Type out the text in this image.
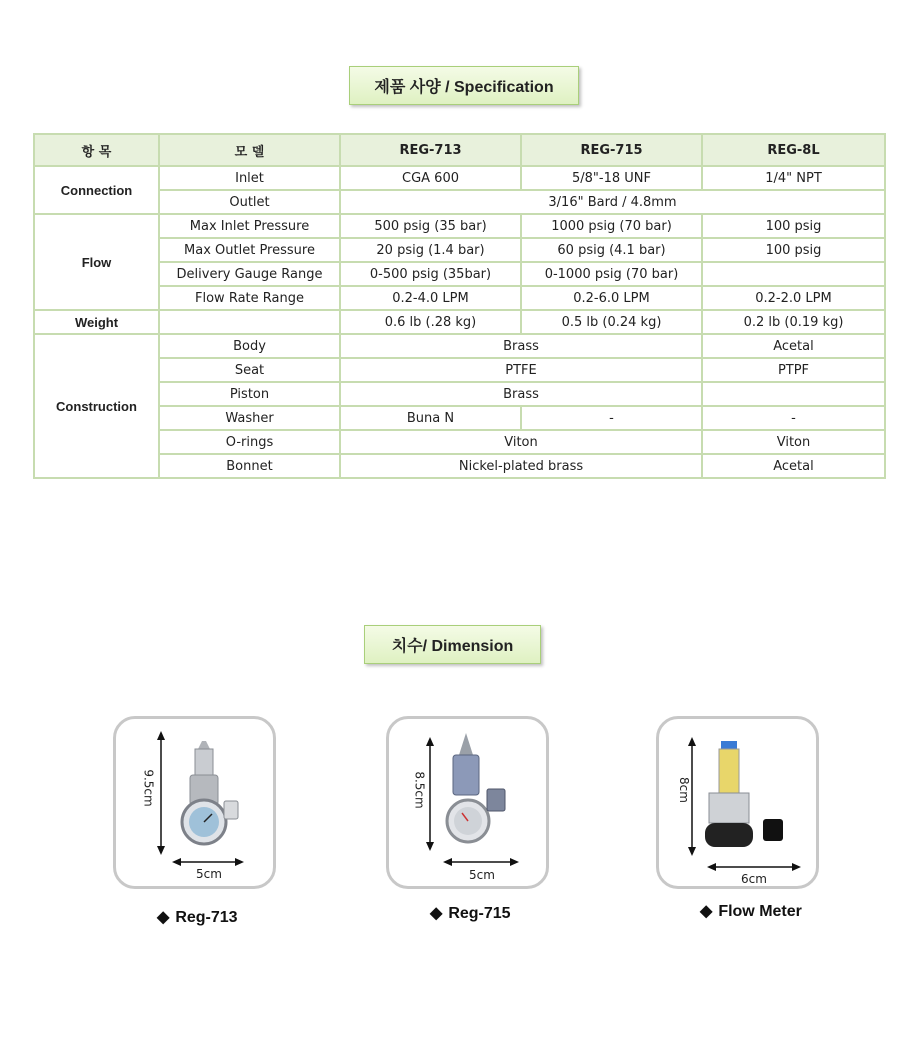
제품 사양 / Specification
항 목	모 델	REG-713	REG-715	REG-8L
Connection	Inlet	CGA 600	5/8"-18 UNF	1/4" NPT
	Outlet	3/16" Bard / 4.8mm		
Flow	Max Inlet Pressure	500 psig (35 bar)	1000 psig (70 bar)	100 psig
	Max Outlet Pressure	20 psig (1.4 bar)	60 psig (4.1 bar)	100 psig
	Delivery Gauge Range	0-500 psig (35bar)	0-1000 psig (70 bar)	
	Flow Rate Range	0.2-4.0 LPM	0.2-6.0 LPM	0.2-2.0 LPM
Weight		0.6 lb (.28 kg)	0.5 lb (0.24 kg)	0.2 lb (0.19 kg)
Construction	Body	Brass		Acetal
	Seat	PTFE		PTPF
	Piston	Brass		
	Washer	Buna N	-	-
	O-rings	Viton		Viton
	Bonnet	Nickel-plated brass		Acetal
치수/ Dimension
9.5cm
5cm
◆ Reg-713
8.5cm
5cm
◆ Reg-715
8cm
6cm
◆ Flow Meter
